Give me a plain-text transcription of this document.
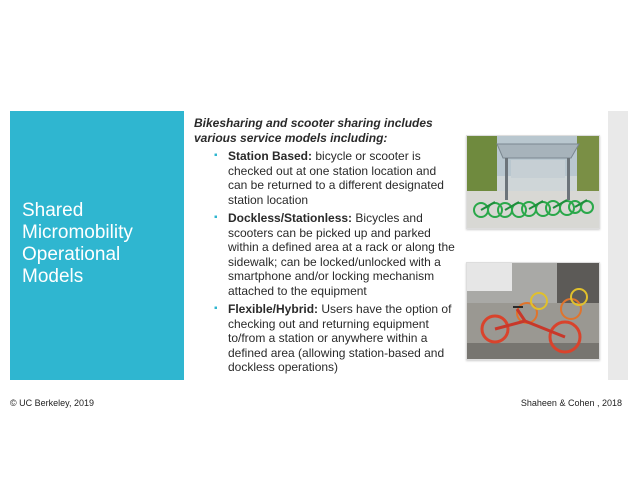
Shared
Micromobility
Operational
Models

Bikesharing and scooter sharing includes various service models including:

▪ Station Based: bicycle or scooter is checked out at one station location and can be returned to a different designated station location
▪ Dockless/Stationless: Bicycles and scooters can be picked up and parked within a defined area at a rack or along the sidewalk; can be locked/unlocked with a smartphone and/or locking mechanism attached to the equipment
▪ Flexible/Hybrid: Users have the option of checking out and returning equipment to/from a station or anywhere within a defined area (allowing station-based and dockless operations)
© UC Berkeley, 2019	Shaheen & Cohen , 2018
